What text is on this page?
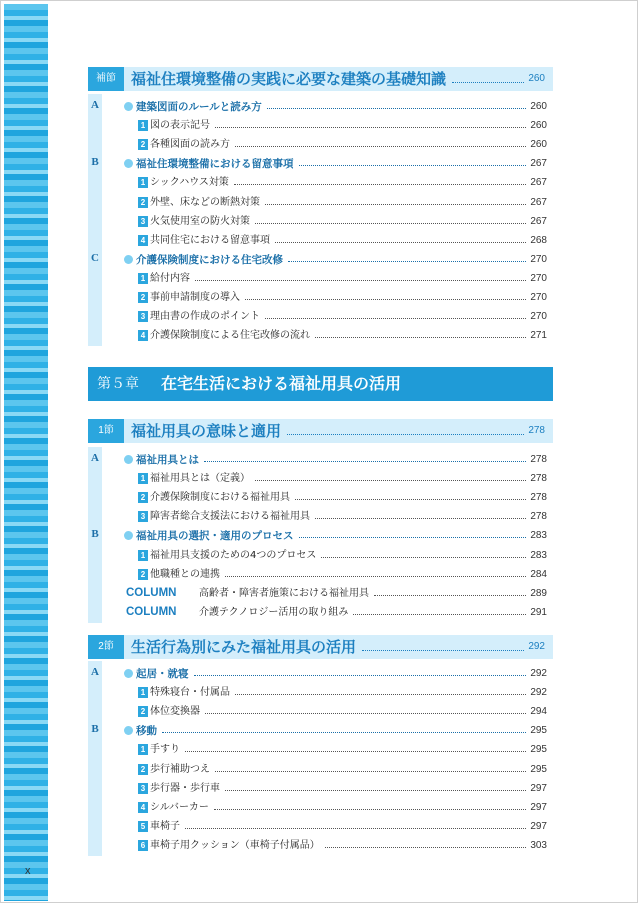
補節	福祉住環境整備の実践に必要な建築の基礎知識	260
A	建築図面のルールと読み方	260
1 図の表示記号	260
2 各種図面の読み方	260
B	福祉住環境整備における留意事項	267
1 シックハウス対策	267
2 外壁、床などの断熱対策	267
3 火気使用室の防火対策	267
4 共同住宅における留意事項	268
C	介護保険制度における住宅改修	270
1 給付内容	270
2 事前申請制度の導入	270
3 理由書の作成のポイント	270
4 介護保険制度による住宅改修の流れ	271
1節	福祉用具の意味と適用	278
A	福祉用具とは	278
1 福祉用具とは（定義）	278
2 介護保険制度における福祉用具	278
3 障害者総合支援法における福祉用具	278
B	福祉用具の選択・適用のプロセス	283
1 福祉用具支援のための4つのプロセス	283
2 他職種との連携	284
COLUMN 高齢者・障害者施策における福祉用具	289
COLUMN 介護テクノロジー活用の取り組み	291
2節	生活行為別にみた福祉用具の活用	292
A	起居・就寝	292
1 特殊寝台・付属品	292
2 体位変換器	294
B	移動	295
1 手すり	295
2 歩行補助つえ	295
3 歩行器・歩行車	297
4 シルバーカー	297
5 車椅子	297
6 車椅子用クッション（車椅子付属品）	303
第５章 在宅生活における福祉用具の活用
x
